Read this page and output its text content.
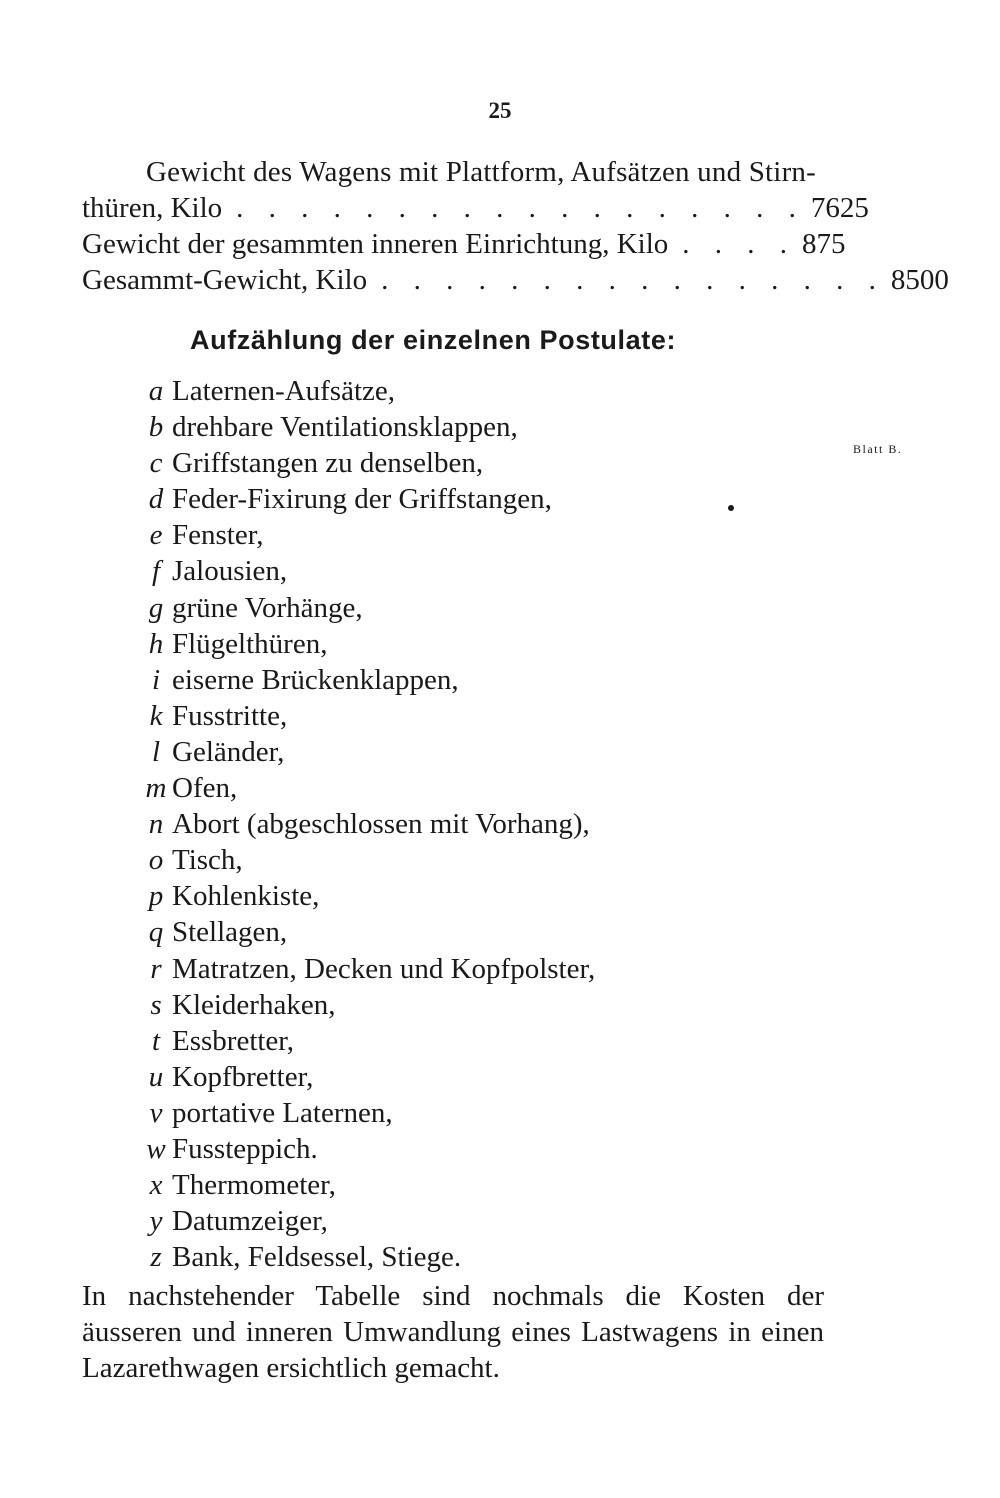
25
Gewicht des Wagens mit Plattform, Aufsätzen und Stirn-
thüren, Kilo . . . . . . . . . . . . . . . . . . 7625
Gewicht der gesammten inneren Einrichtung, Kilo . . . . 875
Gesammt-Gewicht, Kilo . . . . . . . . . . . . . . . . 8500
Aufzählung der einzelnen Postulate:
Blatt B.
a Laternen-Aufsätze,
b drehbare Ventilationsklappen,
c Griffstangen zu denselben,
d Feder-Fixirung der Griffstangen,
e Fenster,
f Jalousien,
g grüne Vorhänge,
h Flügelthüren,
i eiserne Brückenklappen,
k Fusstritte,
l Geländer,
m Ofen,
n Abort (abgeschlossen mit Vorhang),
o Tisch,
p Kohlenkiste,
q Stellagen,
r Matratzen, Decken und Kopfpolster,
s Kleiderhaken,
t Essbretter,
u Kopfbretter,
v portative Laternen,
w Fussteppich.
x Thermometer,
y Datumzeiger,
z Bank, Feldsessel, Stiege.
In nachstehender Tabelle sind nochmals die Kosten der
äusseren und inneren Umwandlung eines Lastwagens in einen
Lazarethwagen ersichtlich gemacht.
